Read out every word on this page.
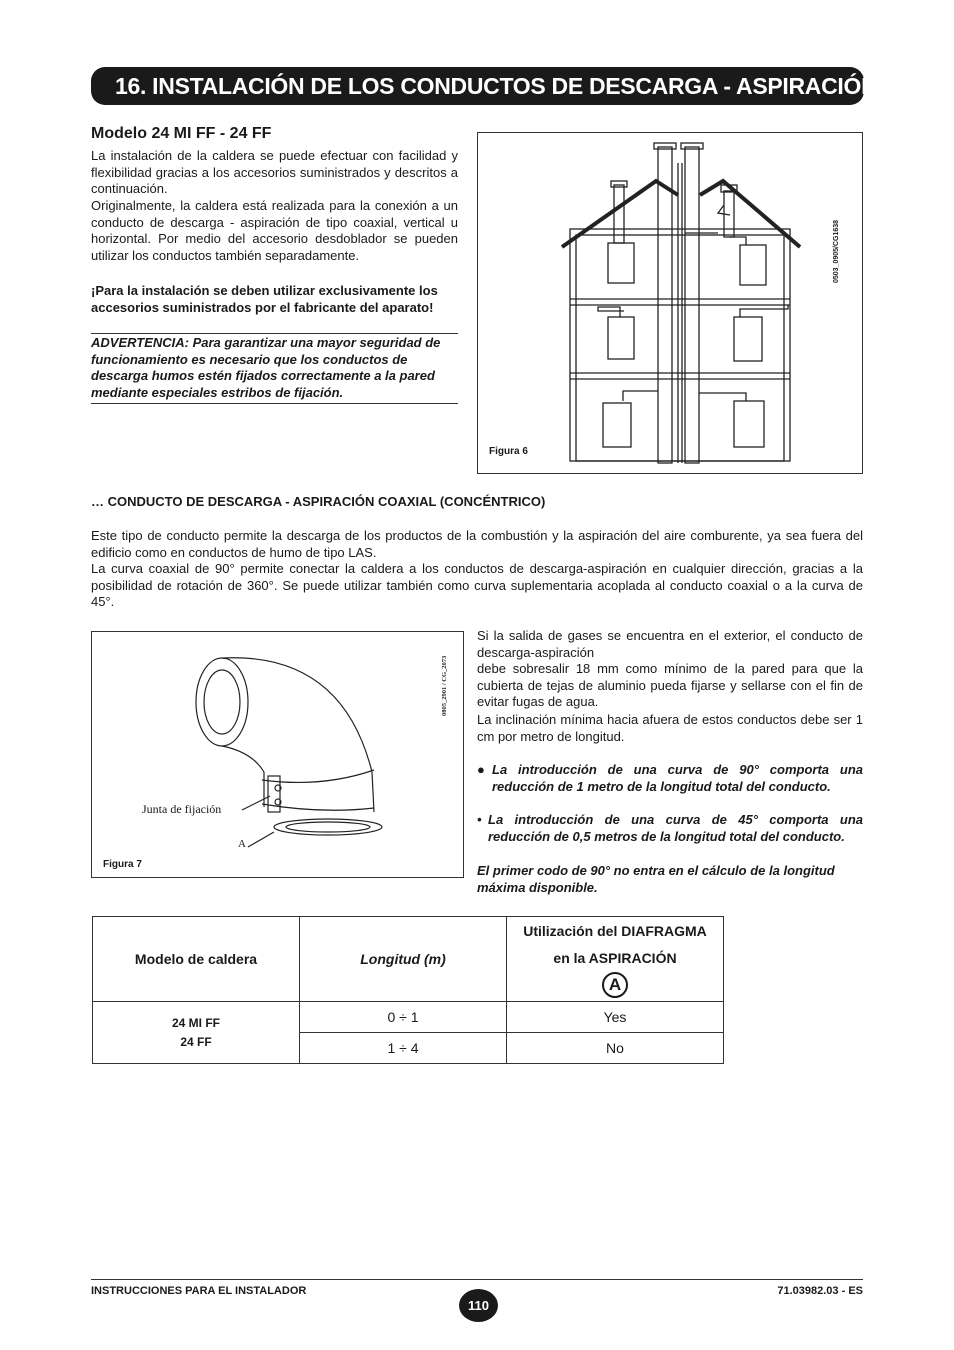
16. INSTALACIÓN DE LOS CONDUCTOS DE DESCARGA - ASPIRACIÓN
Modelo 24 MI FF - 24 FF
La instalación de la caldera se puede efectuar con facilidad y flexibilidad gracias a los accesorios suministrados y descritos a continuación.
Originalmente, la caldera está realizada para la conexión a un conducto de descarga - aspiración de tipo coaxial, vertical u horizontal. Por medio del accesorio desdoblador se pueden utilizar los conductos también separadamente.
¡Para la instalación se deben utilizar exclusivamente los accesorios suministrados por el fabricante del aparato!
ADVERTENCIA: Para garantizar una mayor seguridad de funcionamiento es necesario que los conductos de descarga humos estén fijados correctamente a la pared mediante especiales estribos de fijación.
Figura 6
0503_0905/CG1638
… CONDUCTO DE DESCARGA - ASPIRACIÓN COAXIAL (CONCÉNTRICO)
Este tipo de conducto permite la descarga de los productos de la combustión y la aspiración del aire comburente, ya sea fuera del edificio como en conductos de humo de tipo LAS.
La curva coaxial de 90° permite conectar la caldera a los conductos de descarga-aspiración en cualquier dirección, gracias a la posibilidad de rotación de 360°. Se puede utilizar también como curva suplementaria acoplada al conducto coaxial o a la curva de 45°.
Junta de fijación
A
Figura 7
0805_2901 / CG_2073
Si la salida de gases se encuentra en el exterior, el conducto de descarga-aspiración
debe sobresalir 18 mm como mínimo de la pared para que la cubierta de tejas de aluminio pueda fijarse y sellarse con el fin de evitar fugas de agua.
La inclinación mínima hacia afuera de estos conductos debe ser 1 cm por metro de longitud.
● La introducción de una curva de 90° comporta una reducción de 1 metro de la longitud total del conducto.
• La introducción de una curva de 45° comporta una reducción de 0,5 metros de la longitud total del conducto.
El primer codo de 90° no entra en el cálculo de la longitud máxima disponible.
Modelo de caldera	Longitud (m)	Utilización del DIAFRAGMA
en la ASPIRACIÓN
A

24 MI FF
24 FF	0 ÷ 1	Yes
	1 ÷ 4	No
INSTRUCCIONES PARA EL INSTALADOR
110
71.03982.03 - ES
